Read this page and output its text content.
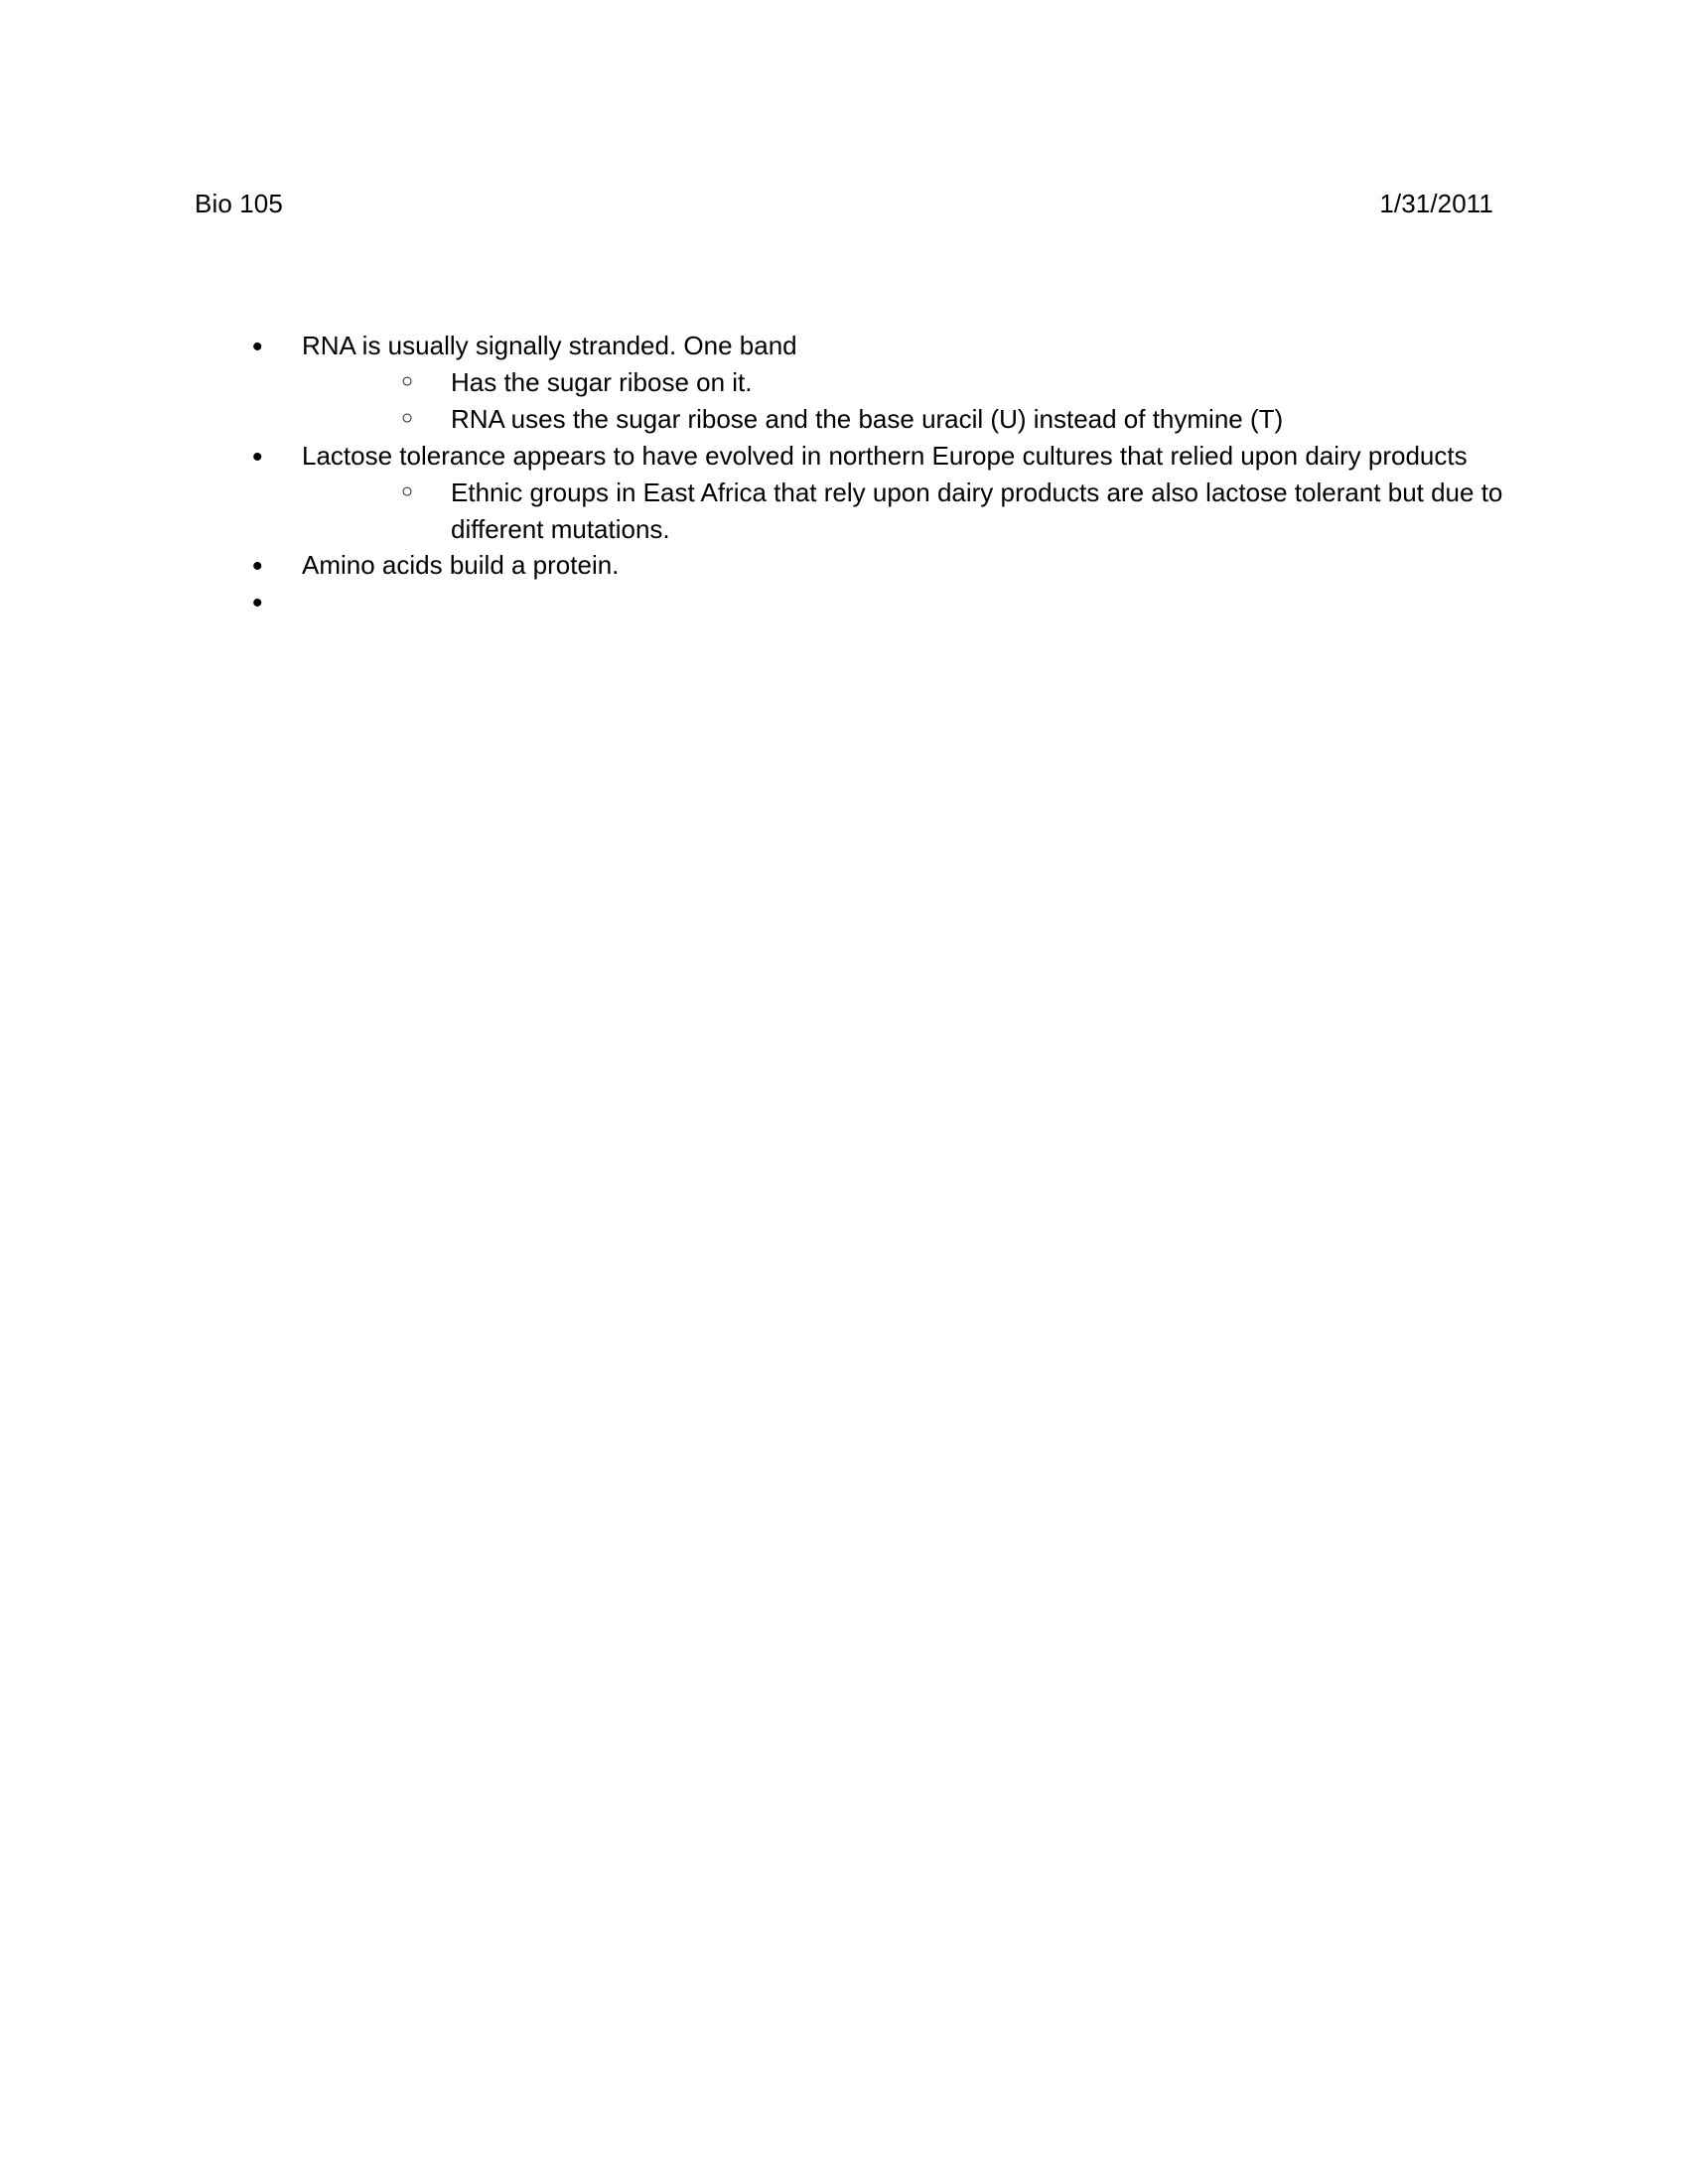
Bio 105	1/31/2011
• RNA is usually signally stranded. One band
○ Has the sugar ribose on it.
○ RNA uses the sugar ribose and the base uracil (U) instead of thymine (T)
• Lactose tolerance appears to have evolved in northern Europe cultures that relied upon dairy products
○ Ethnic groups in East Africa that rely upon dairy products are also lactose tolerant but due to different mutations.
• Amino acids build a protein.
•
